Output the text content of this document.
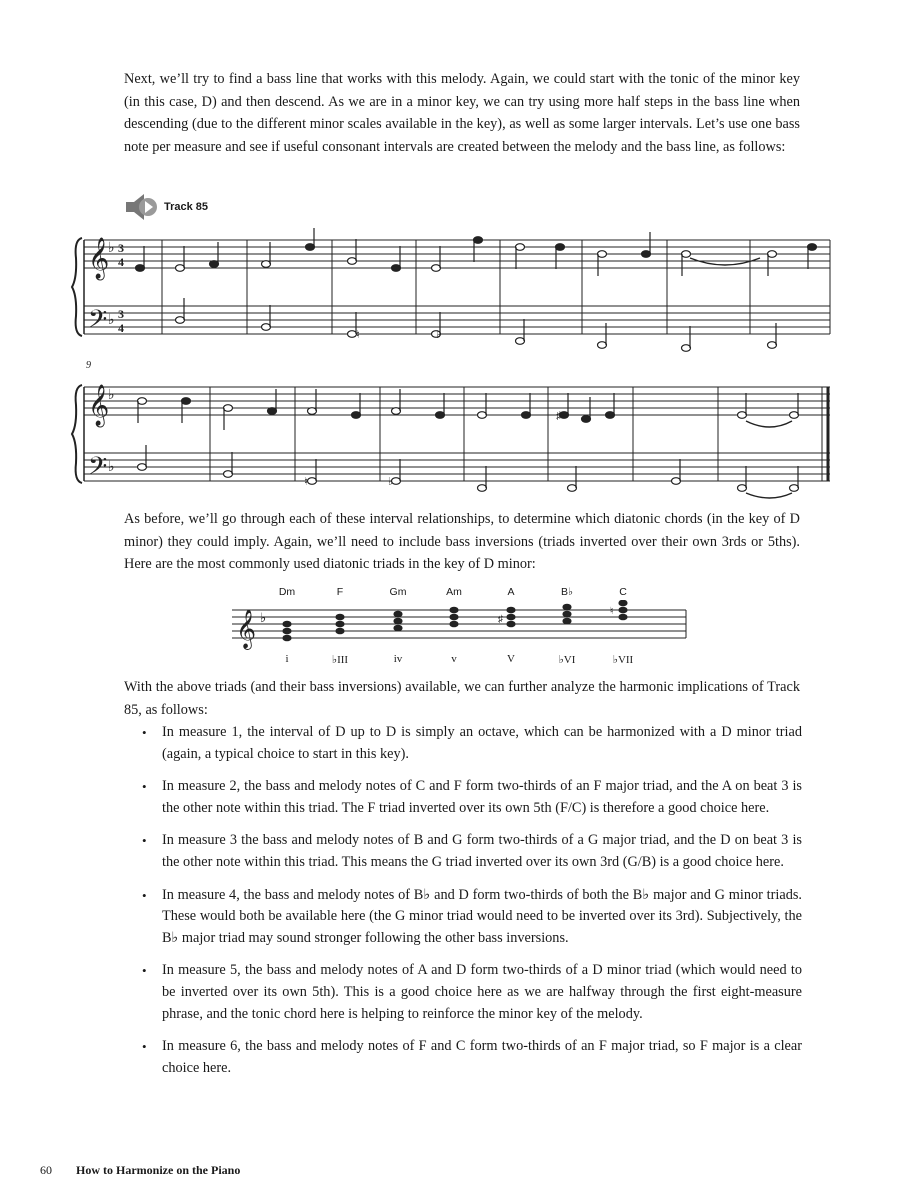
Next, we’ll try to find a bass line that works with this melody. Again, we could start with the tonic of the minor key (in this case, D) and then descend. As we are in a minor key, we can try using more half steps in the bass line when descending (due to the different minor scales available in the key), as well as some larger intervals. Let’s use one bass note per measure and see if useful consonant intervals are created between the melody and the bass line, as follows:

Track 85
𝄞
𝄢
♭
♭
3
4
3
4	♮	♭
9
𝄞
𝄢
♭
♭
♯
♮	♭

As before, we’ll go through each of these interval relationships, to determine which diatonic chords (in the key of D minor) they could imply. Again, we’ll need to include bass inversions (triads inverted over their own 3rds or 5ths). Here are the most commonly used diatonic triads in the key of D minor:

Dm	F	Gm	Am	A	B♭	C
𝄞 ♭	♯
♮
i	♭III	iv	v	V	♭VI	♭VII

With the above triads (and their bass inversions) available, we can further analyze the harmonic implications of Track 85, as follows:

• In measure 1, the interval of D up to D is simply an octave, which can be harmonized with a D minor triad (again, a typical choice to start in this key).
• In measure 2, the bass and melody notes of C and F form two-thirds of an F major triad, and the A on beat 3 is the other note within this triad. The F triad inverted over its own 5th (F/C) is therefore a good choice here.
• In measure 3 the bass and melody notes of B and G form two-thirds of a G major triad, and the D on beat 3 is the other note within this triad. This means the G triad inverted over its own 3rd (G/B) is a good choice here.
• In measure 4, the bass and melody notes of B♭ and D form two-thirds of both the B♭ major and G minor triads. These would both be available here (the G minor triad would need to be inverted over its 3rd). Subjectively, the B♭ major triad may sound stronger following the other bass inversions.
• In measure 5, the bass and melody notes of A and D form two-thirds of a D minor triad (which would need to be inverted over its own 5th). This is a good choice here as we are halfway through the first eight-measure phrase, and the tonic chord here is helping to reinforce the minor key of the melody.
• In measure 6, the bass and melody notes of F and C form two-thirds of an F major triad, so F major is a clear choice here.
60 How to Harmonize on the Piano
